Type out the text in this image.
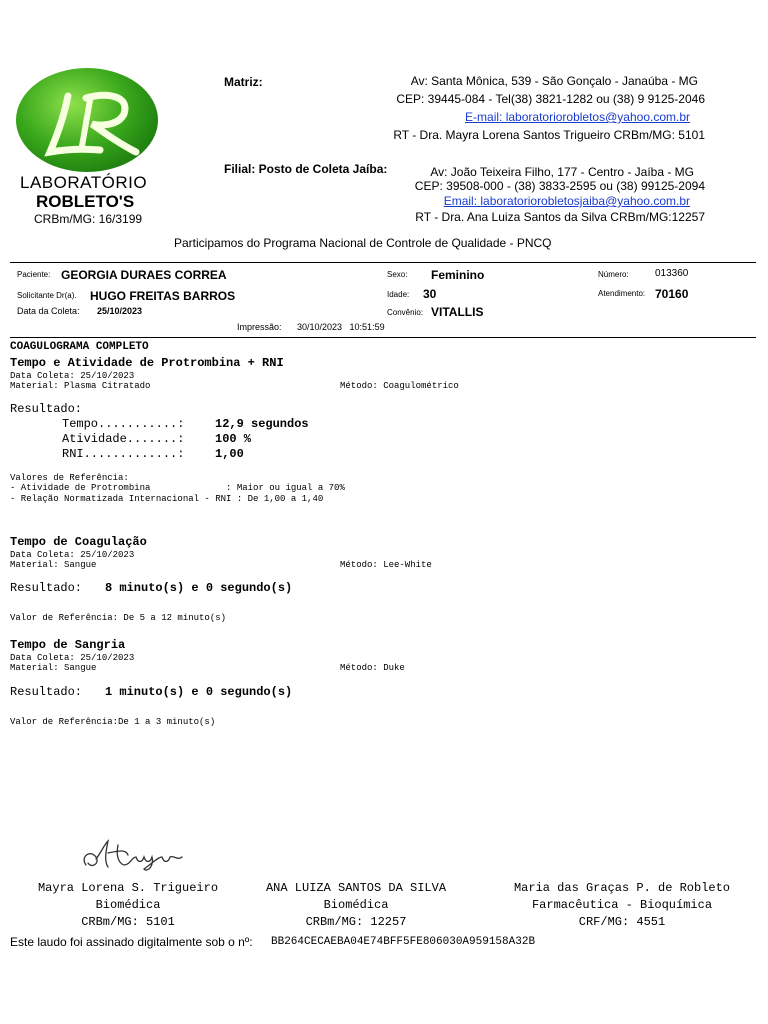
LABORATÓRIO
ROBLETO'S
CRBm/MG: 16/3199
Matriz:	Av: Santa Mônica, 539 - São Gonçalo - Janaúba - MG
CEP: 39445-084 - Tel(38) 3821-1282 ou (38) 9 9125-2046
E-mail: laboratoriorobletos@yahoo.com.br
RT - Dra. Mayra Lorena Santos Trigueiro CRBm/MG: 5101
Filial: Posto de Coleta Jaíba:	Av: João Teixeira Filho, 177 - Centro - Jaíba - MG
CEP: 39508-000 - (38) 3833-2595 ou (38) 99125-2094
Email: laboratoriorobletosjaiba@yahoo.com.br
RT - Dra. Ana Luiza Santos da Silva CRBm/MG:12257
Participamos do Programa Nacional de Controle de Qualidade - PNCQ
Paciente: GEORGIA DURAES CORREA	Sexo: Feminino	Número:	013360
Solicitante Dr(a). HUGO FREITAS BARROS	Idade: 30	Atendimento: 70160
Data da Coleta: 25/10/2023	Convênio: VITALLIS
Impressão: 30/10/2023   10:51:59
COAGULOGRAMA COMPLETO
Tempo e Atividade de Protrombina + RNI
Data Coleta: 25/10/2023
Material: Plasma Citratado	Método: Coagulométrico
Resultado:
Tempo...........:	12,9 segundos
Atividade.......:	100 %
RNI.............:	1,00
Valores de Referência:
- Atividade de Protrombina              : Maior ou igual a 70%
- Relação Normatizada Internacional - RNI : De 1,00 a 1,40
Tempo de Coagulação
Data Coleta: 25/10/2023
Material: Sangue	Método: Lee-White
Resultado: 8 minuto(s) e 0 segundo(s)
Valor de Referência: De 5 a 12 minuto(s)
Tempo de Sangria
Data Coleta: 25/10/2023
Material: Sangue	Método: Duke
Resultado: 1 minuto(s) e 0 segundo(s)
Valor de Referência:De 1 a 3 minuto(s)
Mayra Lorena S. Trigueiro
Biomédica
CRBm/MG: 5101
ANA LUIZA SANTOS DA SILVA
Biomédica
CRBm/MG: 12257
Maria das Graças P. de Robleto
Farmacêutica - Bioquímica
CRF/MG: 4551
Este laudo foi assinado digitalmente sob o nº: BB264CECAEBA04E74BFF5FE806030A959158A32B
